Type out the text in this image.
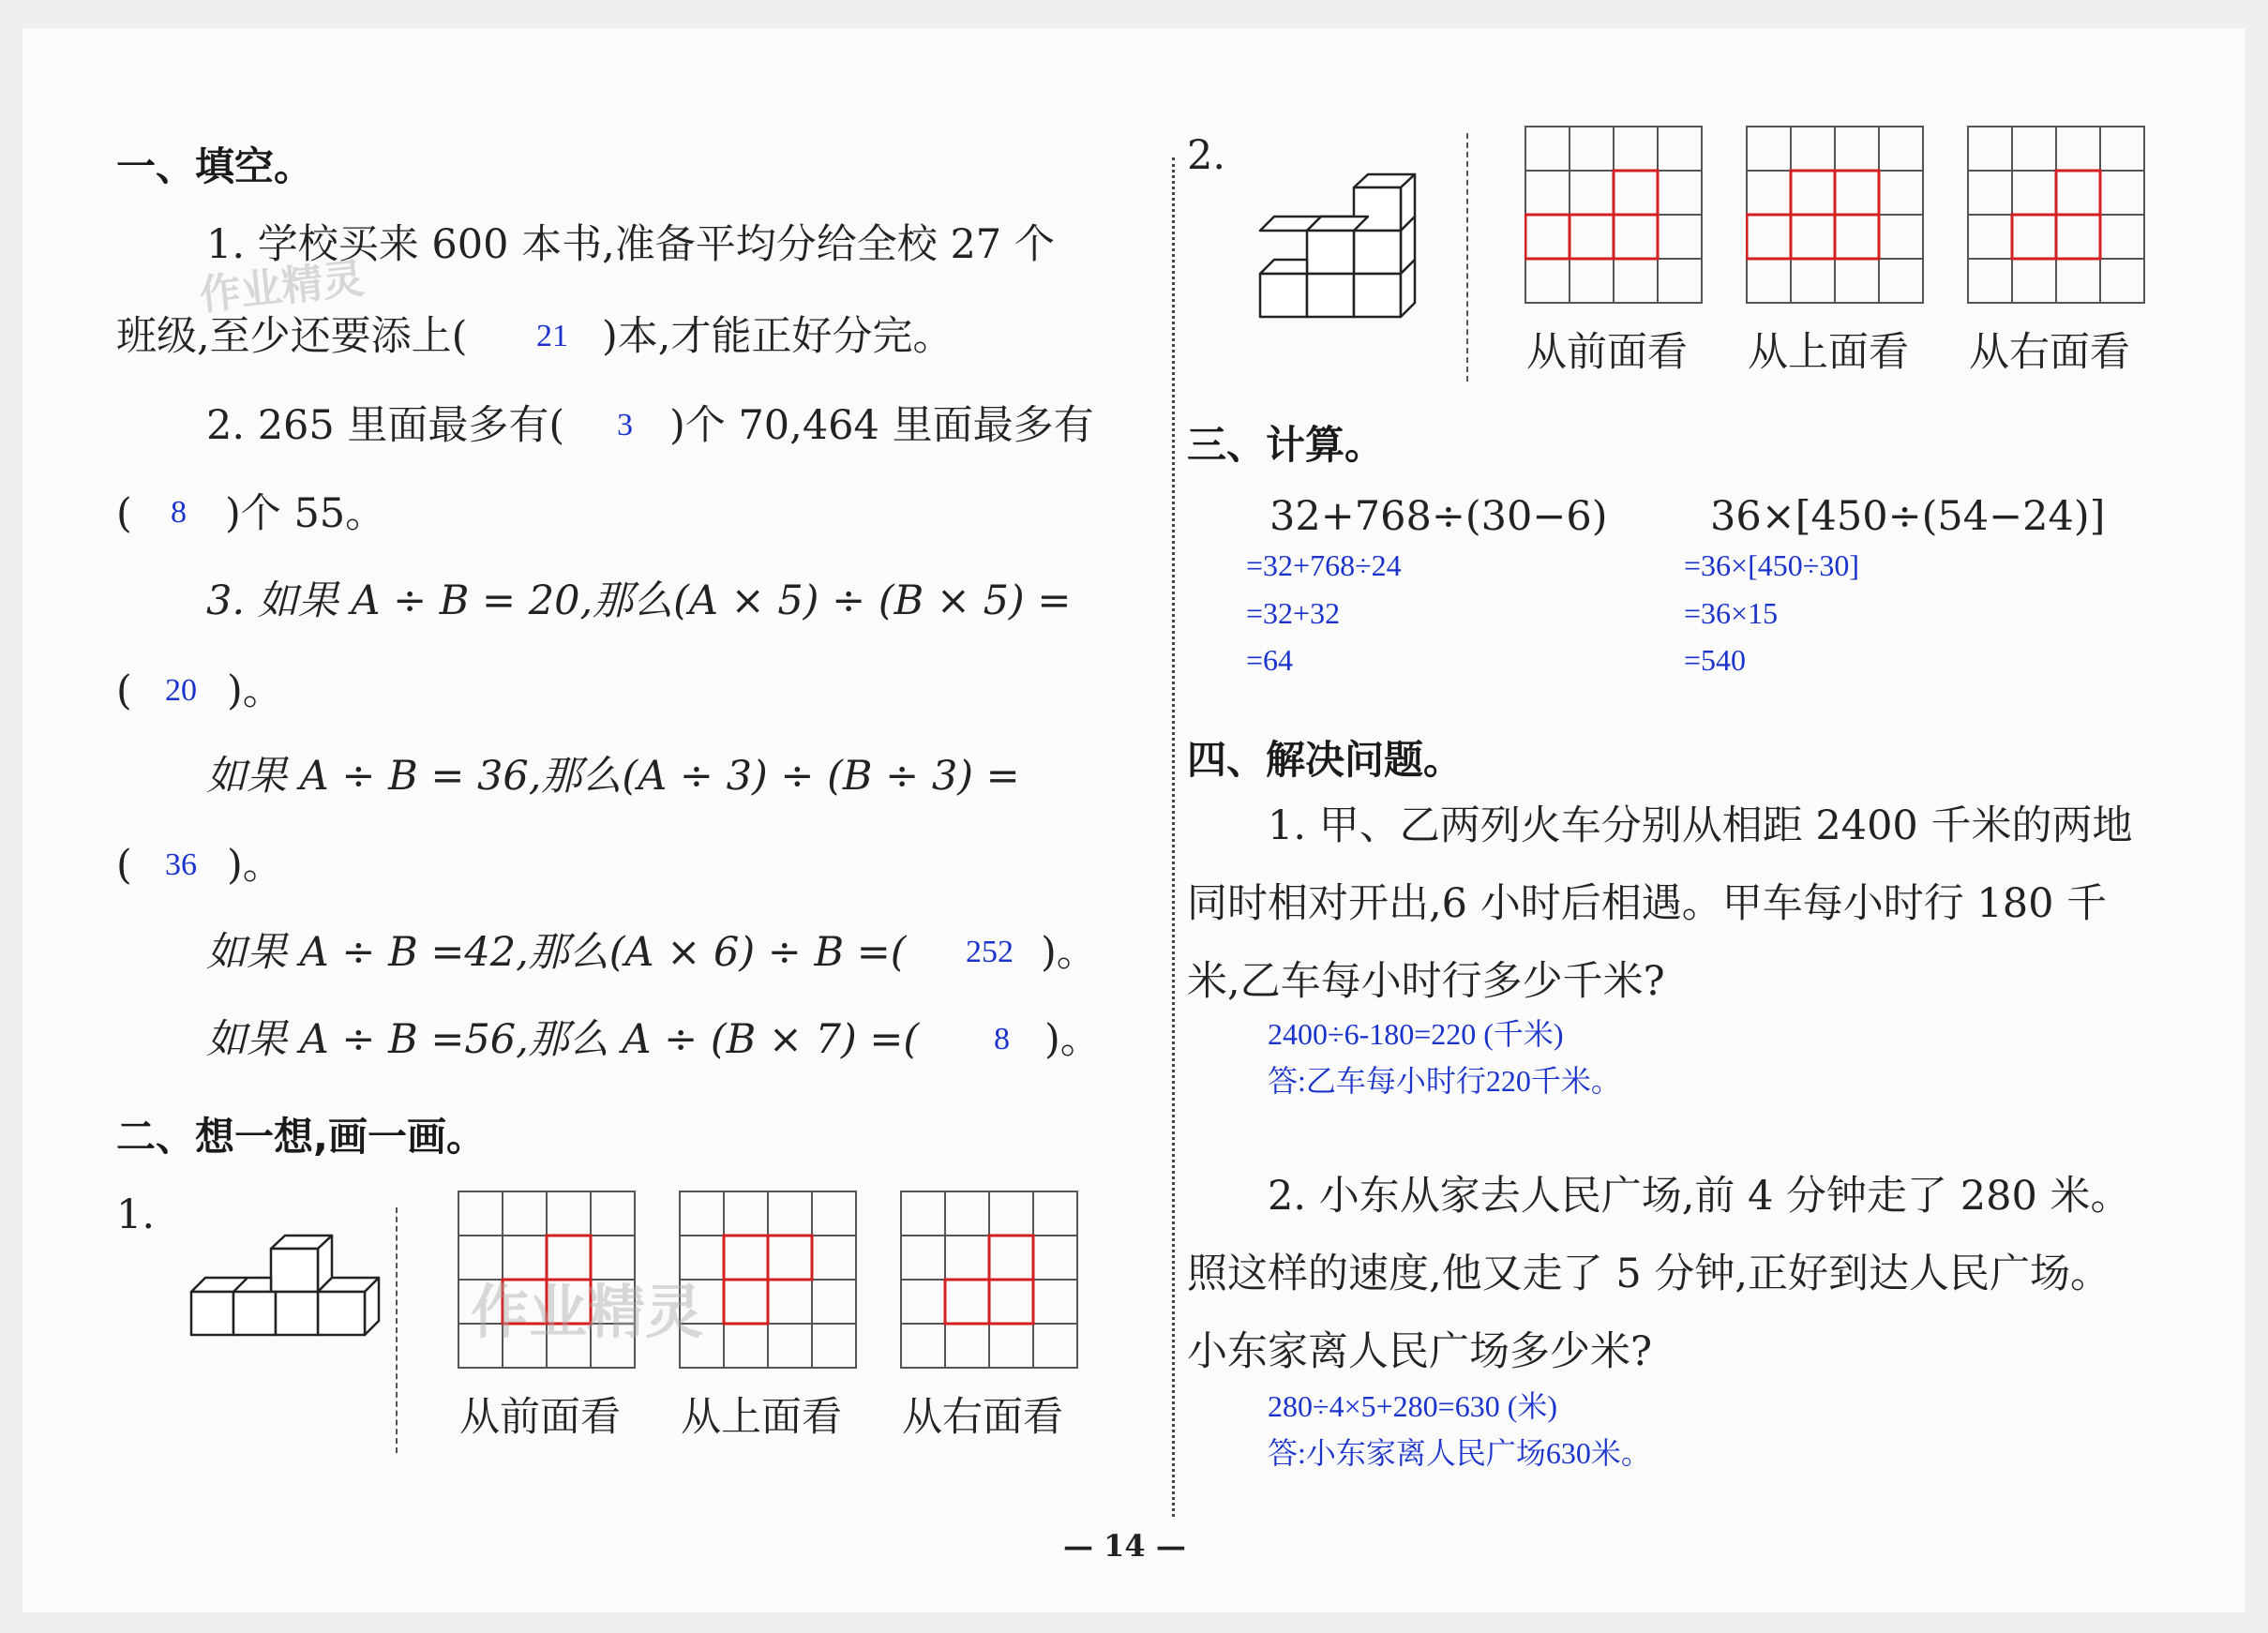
一、填空。
1. 学校买来 600 本书,准备平均分给全校 27 个
班级,至少还要添上( 21 )本,才能正好分完。
2. 265 里面最多有( 3 )个 70,464 里面最多有
( 8 )个 55。
3. 如果 A ÷ B = 20,那么(A × 5) ÷ (B × 5) =
( 20 )。
如果 A ÷ B = 36,那么(A ÷ 3) ÷ (B ÷ 3) =
( 36 )。
如果 A ÷ B =42,那么(A × 6) ÷ B =( 252 )。
如果 A ÷ B =56,那么 A ÷ (B × 7) =( 8 )。
二、想一想,画一画。
1.
从前面看 从上面看 从右面看
2.
从前面看 从上面看 从右面看
三、计算。
32+768÷(30−6)	36×[450÷(54−24)]
=32+768÷24
=32+32
=64
=36×[450÷30]
=36×15
=540
四、解决问题。
1. 甲、乙两列火车分别从相距 2400 千米的两地
同时相对开出,6 小时后相遇。甲车每小时行 180 千
米,乙车每小时行多少千米?
2400÷6-180=220 (千米)
答:乙车每小时行220千米。
2. 小东从家去人民广场,前 4 分钟走了 280 米。
照这样的速度,他又走了 5 分钟,正好到达人民广场。
小东家离人民广场多少米?
280÷4×5+280=630 (米)
答:小东家离人民广场630米。
— 14 —
作业精灵
作业精灵
